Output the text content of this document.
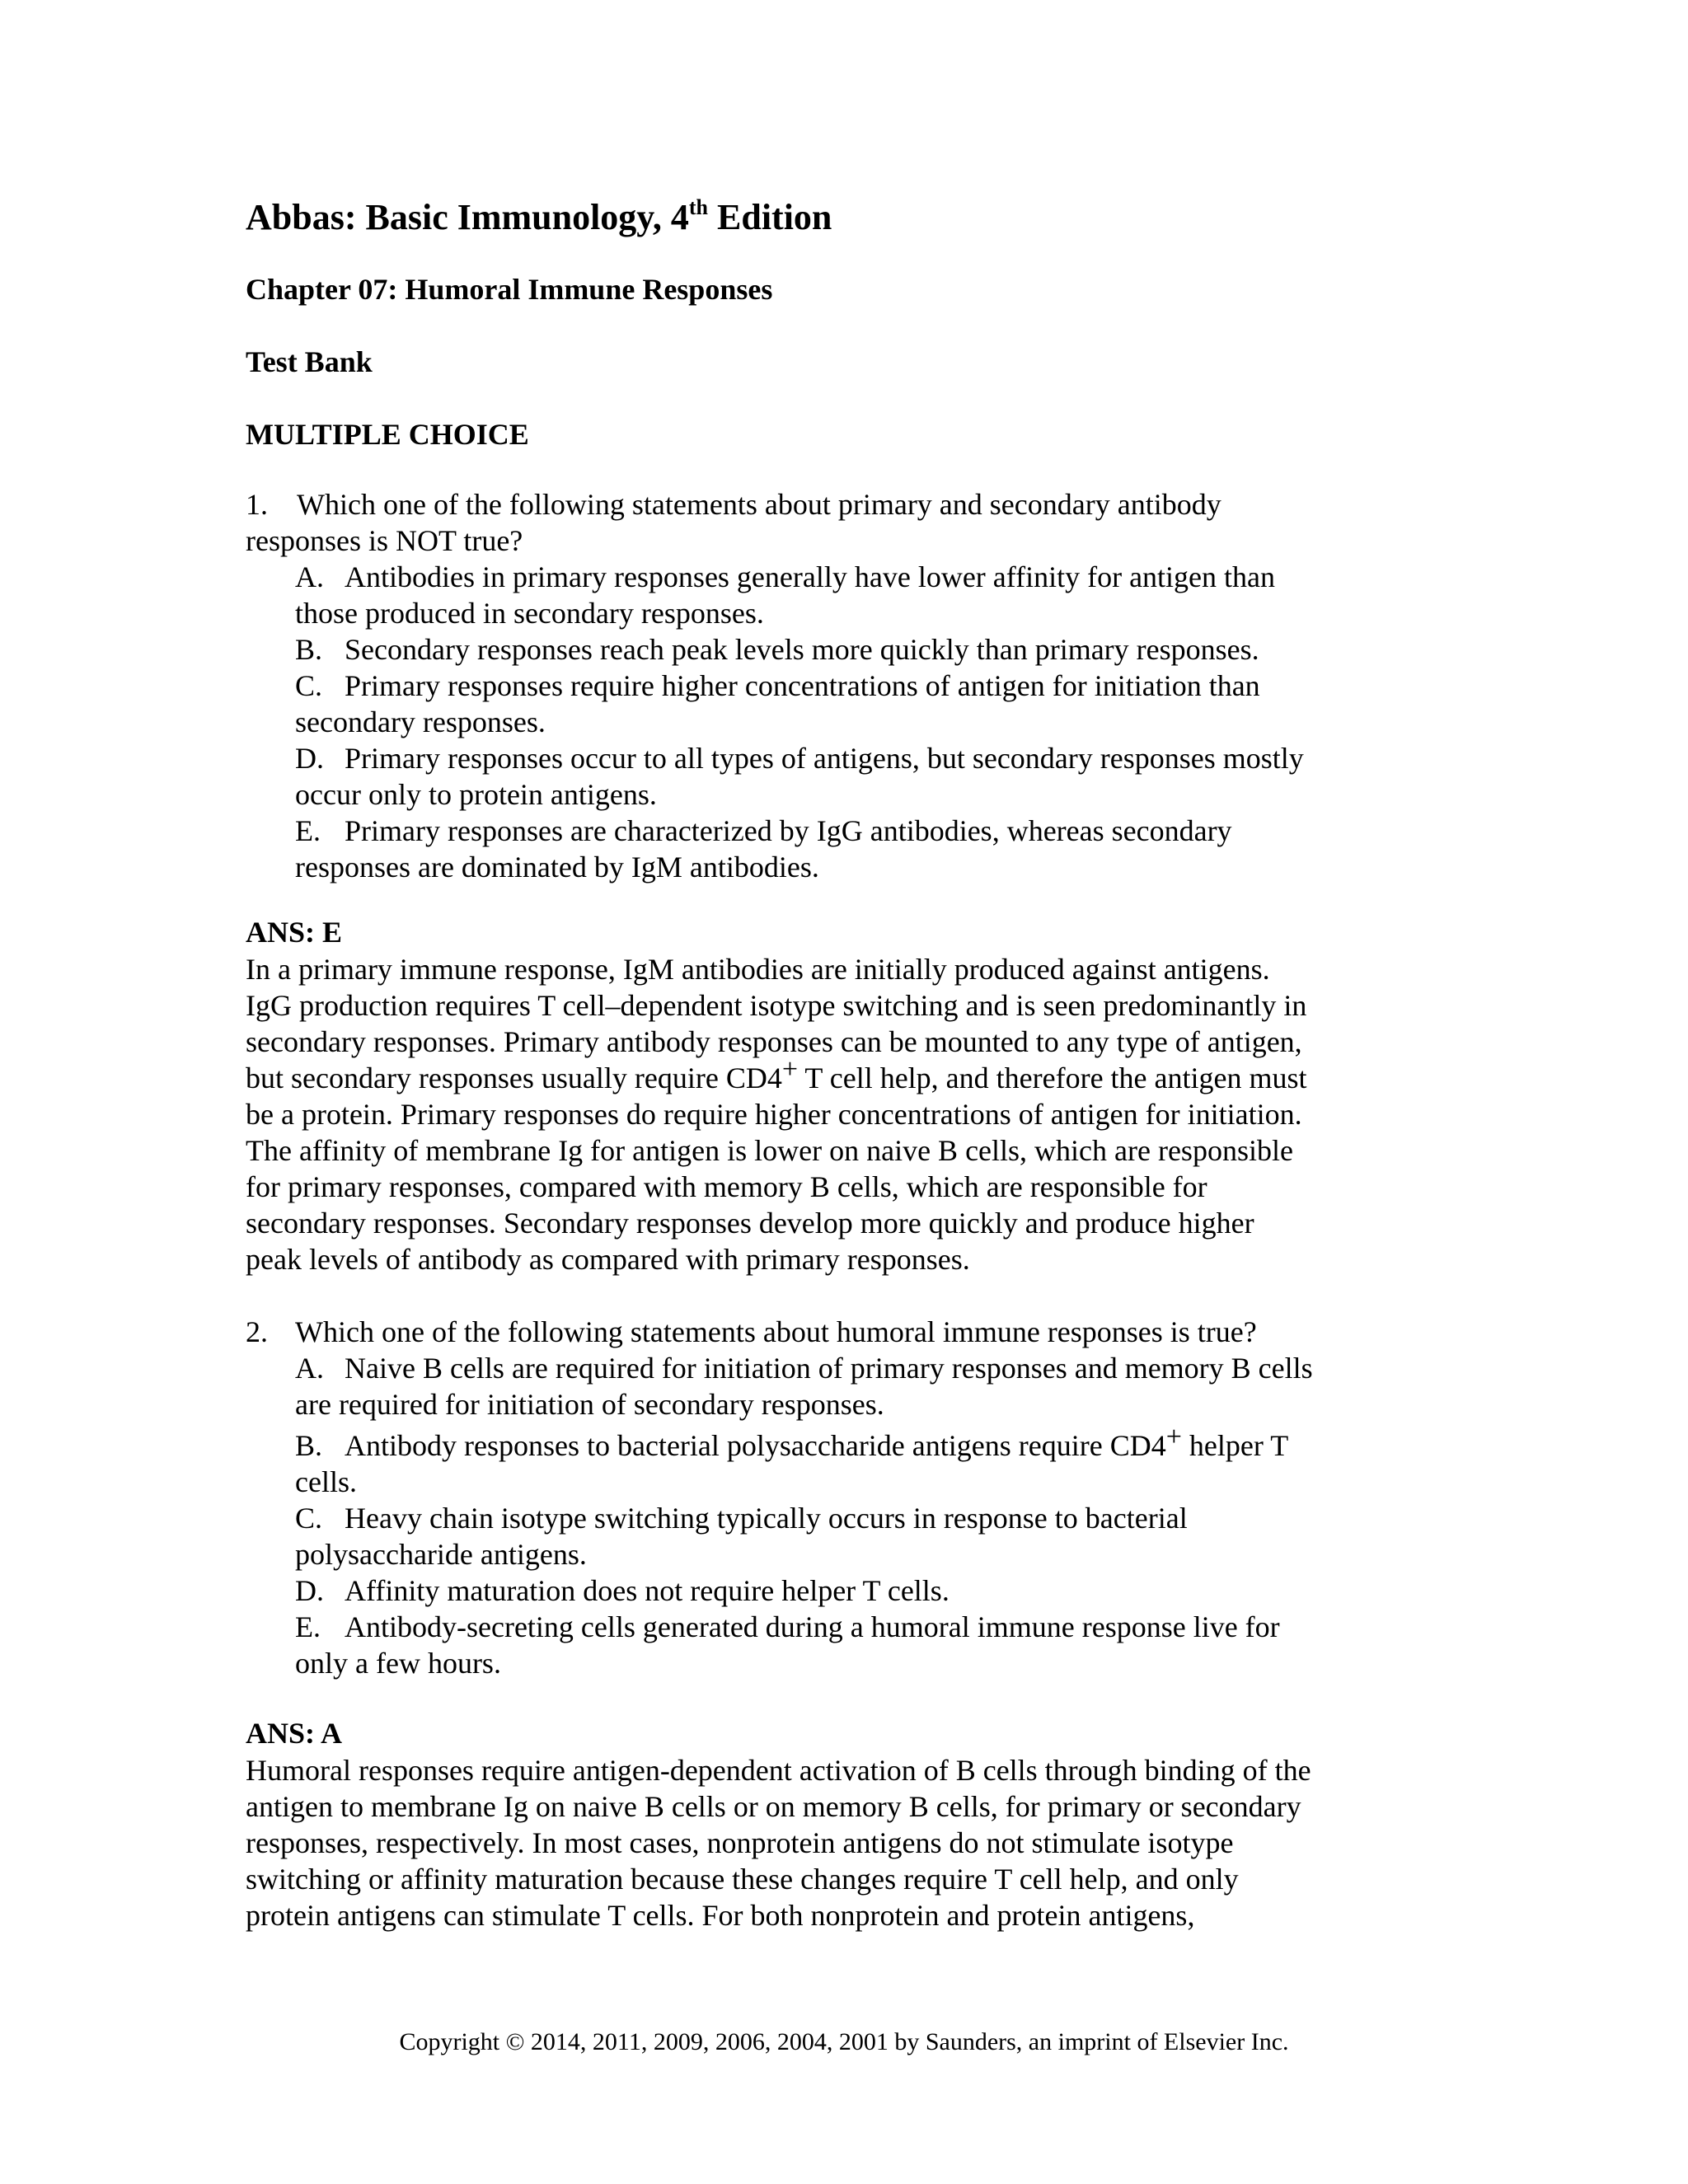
Abbas: Basic Immunology, 4th Edition
Chapter 07: Humoral Immune Responses
Test Bank
MULTIPLE CHOICE
1. Which one of the following statements about primary and secondary antibody
responses is NOT true?
A. Antibodies in primary responses generally have lower affinity for antigen than
those produced in secondary responses.
B. Secondary responses reach peak levels more quickly than primary responses.
C. Primary responses require higher concentrations of antigen for initiation than
secondary responses.
D. Primary responses occur to all types of antigens, but secondary responses mostly
occur only to protein antigens.
E. Primary responses are characterized by IgG antibodies, whereas secondary
responses are dominated by IgM antibodies.
ANS: E
In a primary immune response, IgM antibodies are initially produced against antigens.
IgG production requires T cell–dependent isotype switching and is seen predominantly in
secondary responses. Primary antibody responses can be mounted to any type of antigen,
but secondary responses usually require CD4+ T cell help, and therefore the antigen must
be a protein. Primary responses do require higher concentrations of antigen for initiation.
The affinity of membrane Ig for antigen is lower on naive B cells, which are responsible
for primary responses, compared with memory B cells, which are responsible for
secondary responses. Secondary responses develop more quickly and produce higher
peak levels of antibody as compared with primary responses.
2. Which one of the following statements about humoral immune responses is true?
A. Naive B cells are required for initiation of primary responses and memory B cells
are required for initiation of secondary responses.
B. Antibody responses to bacterial polysaccharide antigens require CD4+ helper T
cells.
C. Heavy chain isotype switching typically occurs in response to bacterial
polysaccharide antigens.
D. Affinity maturation does not require helper T cells.
E. Antibody-secreting cells generated during a humoral immune response live for
only a few hours.
ANS: A
Humoral responses require antigen-dependent activation of B cells through binding of the
antigen to membrane Ig on naive B cells or on memory B cells, for primary or secondary
responses, respectively. In most cases, nonprotein antigens do not stimulate isotype
switching or affinity maturation because these changes require T cell help, and only
protein antigens can stimulate T cells. For both nonprotein and protein antigens,
Copyright © 2014, 2011, 2009, 2006, 2004, 2001 by Saunders, an imprint of Elsevier Inc.
